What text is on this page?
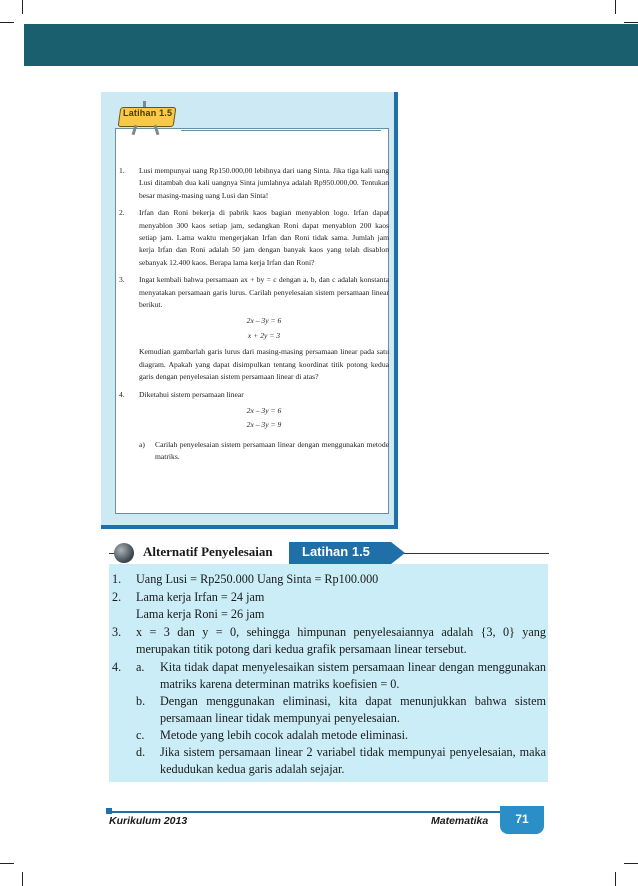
Latihan 1.5
1. Lusi mempunyai uang Rp150.000,00 lebihnya dari uang Sinta. Jika tiga kali uang Lusi ditambah dua kali uangnya Sinta jumlahnya adalah Rp950.000,00. Tentukan besar masing-masing uang Lusi dan Sinta!
2. Irfan dan Roni bekerja di pabrik kaos bagian menyablon logo. Irfan dapat menyablon 300 kaos setiap jam, sedangkan Roni dapat menyablon 200 kaos setiap jam. Lama waktu mengerjakan Irfan dan Roni tidak sama. Jumlah jam kerja Irfan dan Roni adalah 50 jam dengan banyak kaos yang telah disablon sebanyak 12.400 kaos. Berapa lama kerja Irfan dan Roni?
3. Ingat kembali bahwa persamaan ax + by = c dengan a, b, dan c adalah konstanta menyatakan persamaan garis lurus. Carilah penyelesaian sistem persamaan linear berikut.
2x – 3y = 6
x + 2y = 3
Kemudian gambarlah garis lurus dari masing-masing persamaan linear pada satu diagram. Apakah yang dapat disimpulkan tentang koordinat titik potong kedua garis dengan penyelesaian sistem persamaan linear di atas?
4. Diketahui sistem persamaan linear
2x – 3y = 6
2x – 3y = 9
a) Carilah penyelesaian sistem persamaan linear dengan menggunakan metode matriks.
Alternatif Penyelesaian Latihan 1.5
1. Uang Lusi = Rp250.000 Uang Sinta = Rp100.000
2. Lama kerja Irfan = 24 jam
Lama kerja Roni = 26 jam
3. x = 3 dan y = 0, sehingga himpunan penyelesaiannya adalah {3, 0} yang merupakan titik potong dari kedua grafik persamaan linear tersebut.
4. a. Kita tidak dapat menyelesaikan sistem persamaan linear dengan menggunakan matriks karena determinan matriks koefisien = 0.
b. Dengan menggunakan eliminasi, kita dapat menunjukkan bahwa sistem persamaan linear tidak mempunyai penyelesaian.
c. Metode yang lebih cocok adalah metode eliminasi.
d. Jika sistem persamaan linear 2 variabel tidak mempunyai penyelesaian, maka kedudukan kedua garis adalah sejajar.
Kurikulum 2013	Matematika	71
